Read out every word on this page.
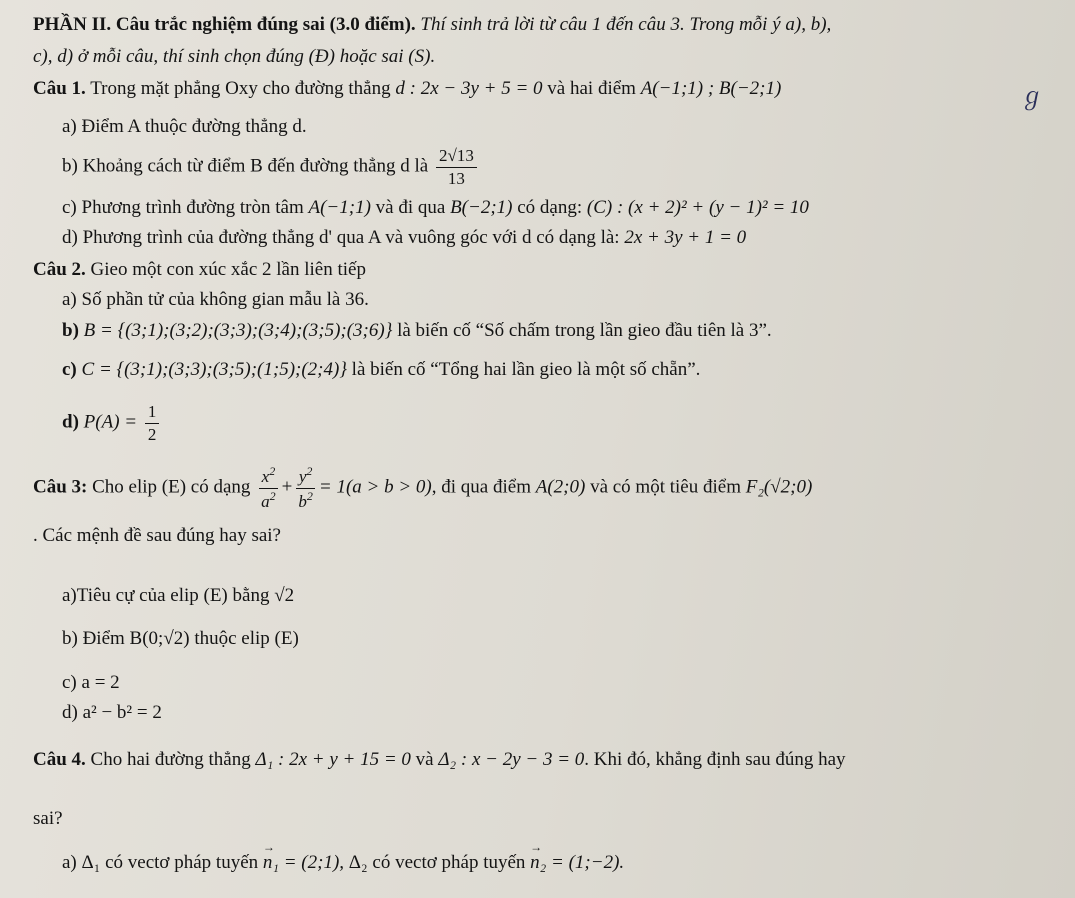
PHẦN II. Câu trắc nghiệm đúng sai (3.0 điểm). Thí sinh trả lời từ câu 1 đến câu 3. Trong mỗi ý a), b),
c), d) ở mỗi câu, thí sinh chọn đúng (Đ) hoặc sai (S).
Câu 1. Trong mặt phẳng Oxy cho đường thẳng d : 2x − 3y + 5 = 0 và hai điểm A(−1;1) ; B(−2;1)	ℊ
a) Điểm A thuộc đường thẳng d.
b) Khoảng cách từ điểm B đến đường thẳng d là $\frac{2√13}{13}$
c) Phương trình đường tròn tâm A(−1;1) và đi qua B(−2;1) có dạng: (C) : (x + 2)² + (y − 1)² = 10
d) Phương trình của đường thẳng d' qua A và vuông góc với d có dạng là: 2x + 3y + 1 = 0
Câu 2. Gieo một con xúc xắc 2 lần liên tiếp
a) Số phần tử của không gian mẫu là 36.
b) B = {(3;1);(3;2);(3;3);(3;4);(3;5);(3;6)} là biến cố “Số chấm trong lần gieo đầu tiên là 3”.
c) C = {(3;1);(3;3);(3;5);(1;5);(2;4)} là biến cố “Tổng hai lần gieo là một số chẵn”.
d) $P(A) = \frac{1}{2}$
Câu 3: Cho elip (E) có dạng $\frac{x^2}{a^2} + \frac{y^2}{b^2} = 1(a > b > 0)$, đi qua điểm A(2;0) và có một tiêu điểm F₂(√2;0)
. Các mệnh đề sau đúng hay sai?
a)Tiêu cự của elip (E) bằng √2
b) Điểm B(0;√2) thuộc elip (E)
c) a = 2
d) a² − b² = 2
Câu 4. Cho hai đường thẳng Δ₁ : 2x + y + 15 = 0 và Δ₂ : x − 2y − 3 = 0. Khi đó, khẳng định sau đúng hay
sai?
a) Δ₁ có vectơ pháp tuyến → n₁ = (2;1), Δ₂ có vectơ pháp tuyến → n₂ = (1;−2).
